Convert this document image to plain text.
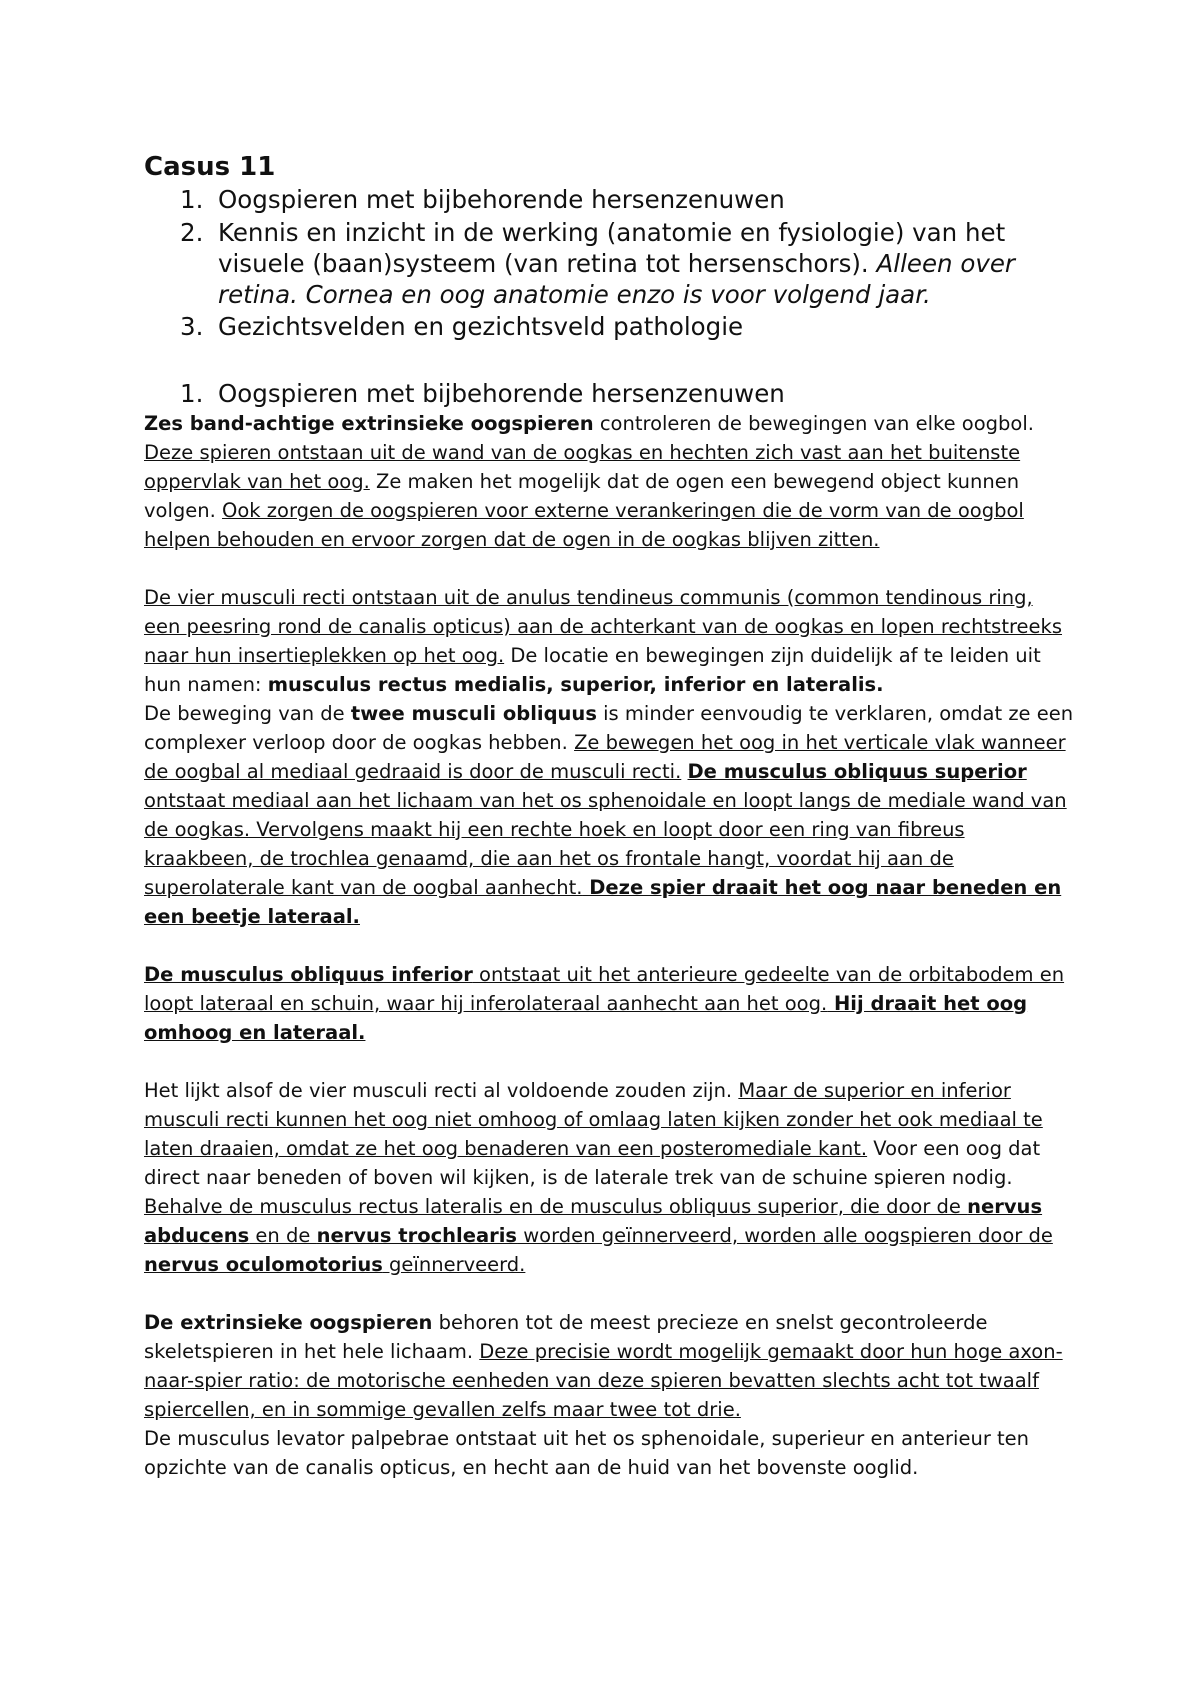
Casus 11
1. Oogspieren met bijbehorende hersenzenuwen
2. Kennis en inzicht in de werking (anatomie en fysiologie) van het visuele (baan)systeem (van retina tot hersenschors). Alleen over retina. Cornea en oog anatomie enzo is voor volgend jaar.
3. Gezichtsvelden en gezichtsveld pathologie
1. Oogspieren met bijbehorende hersenzenuwen

Zes band-achtige extrinsieke oogspieren controleren de bewegingen van elke oogbol. Deze spieren ontstaan uit de wand van de oogkas en hechten zich vast aan het buitenste oppervlak van het oog. Ze maken het mogelijk dat de ogen een bewegend object kunnen volgen. Ook zorgen de oogspieren voor externe verankeringen die de vorm van de oogbol helpen behouden en ervoor zorgen dat de ogen in de oogkas blijven zitten.

De vier musculi recti ontstaan uit de anulus tendineus communis (common tendinous ring, een peesring rond de canalis opticus) aan de achterkant van de oogkas en lopen rechtstreeks naar hun insertieplekken op het oog. De locatie en bewegingen zijn duidelijk af te leiden uit hun namen: musculus rectus medialis, superior, inferior en lateralis.

De beweging van de twee musculi obliquus is minder eenvoudig te verklaren, omdat ze een complexer verloop door de oogkas hebben. Ze bewegen het oog in het verticale vlak wanneer de oogbal al mediaal gedraaid is door de musculi recti. De musculus obliquus superior ontstaat mediaal aan het lichaam van het os sphenoidale en loopt langs de mediale wand van de oogkas. Vervolgens maakt hij een rechte hoek en loopt door een ring van fibreus kraakbeen, de trochlea genaamd, die aan het os frontale hangt, voordat hij aan de superolaterale kant van de oogbal aanhecht. Deze spier draait het oog naar beneden en een beetje lateraal.

De musculus obliquus inferior ontstaat uit het anterieure gedeelte van de orbitabodem en loopt lateraal en schuin, waar hij inferolateraal aanhecht aan het oog. Hij draait het oog omhoog en lateraal.

Het lijkt alsof de vier musculi recti al voldoende zouden zijn. Maar de superior en inferior musculi recti kunnen het oog niet omhoog of omlaag laten kijken zonder het ook mediaal te laten draaien, omdat ze het oog benaderen van een posteromediale kant. Voor een oog dat direct naar beneden of boven wil kijken, is de laterale trek van de schuine spieren nodig. Behalve de musculus rectus lateralis en de musculus obliquus superior, die door de nervus abducens en de nervus trochlearis worden geïnnerveerd, worden alle oogspieren door de nervus oculomotorius geïnnerveerd.

De extrinsieke oogspieren behoren tot de meest precieze en snelst gecontroleerde skeletspieren in het hele lichaam. Deze precisie wordt mogelijk gemaakt door hun hoge axon-naar-spier ratio: de motorische eenheden van deze spieren bevatten slechts acht tot twaalf spiercellen, en in sommige gevallen zelfs maar twee tot drie.

De musculus levator palpebrae ontstaat uit het os sphenoidale, superieur en anterieur ten opzichte van de canalis opticus, en hecht aan de huid van het bovenste ooglid.
